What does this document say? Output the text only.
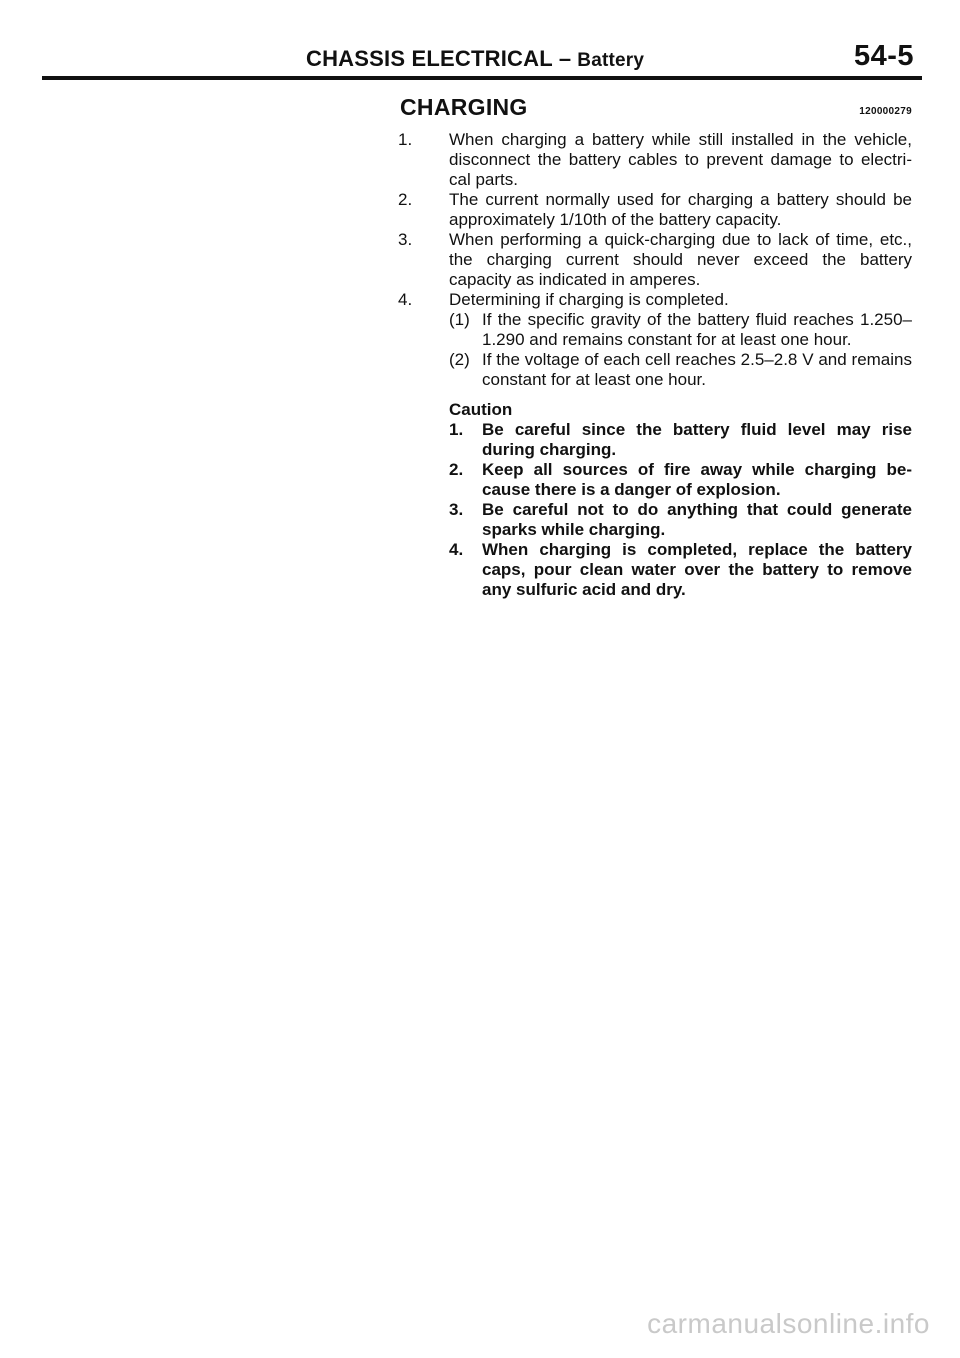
CHASSIS ELECTRICAL – Battery	54-5
CHARGING	120000279
1.	When charging a battery while still installed in the vehicle, disconnect the battery cables to prevent damage to electri-cal parts.
2.	The current normally used for charging a battery should be approximately 1/10th of the battery capacity.
3.	When performing a quick-charging due to lack of time, etc., the charging current should never exceed the battery capacity as indicated in amperes.
4.	Determining if charging is completed.
(1) If the specific gravity of the battery fluid reaches 1.250–1.290 and remains constant for at least one hour.
(2) If the voltage of each cell reaches 2.5–2.8 V and remains constant for at least one hour.
Caution
1.	Be careful since the battery fluid level may rise during charging.
2.	Keep all sources of fire away while charging be-cause there is a danger of explosion.
3.	Be careful not to do anything that could generate sparks while charging.
4.	When charging is completed, replace the battery caps, pour clean water over the battery to remove any sulfuric acid and dry.
carmanualsonline.info
